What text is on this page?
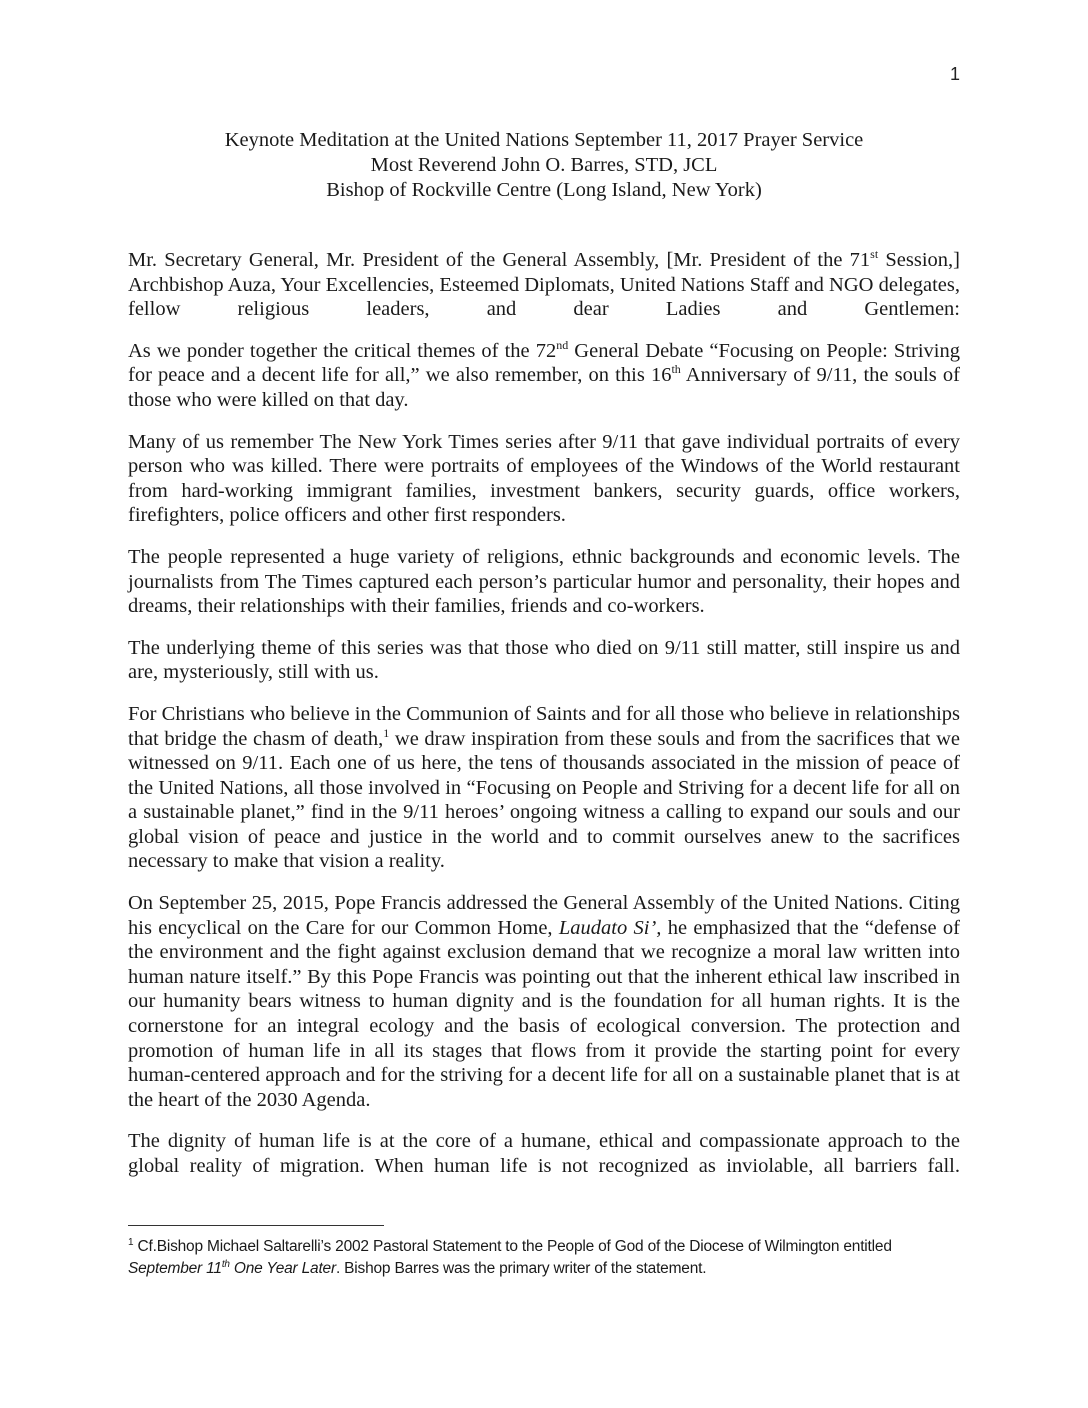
1
Keynote Meditation at the United Nations September 11, 2017 Prayer Service
Most Reverend John O. Barres, STD, JCL
Bishop of Rockville Centre (Long Island, New York)

Mr. Secretary General, Mr. President of the General Assembly, [Mr. President of the 71st Session,] Archbishop Auza, Your Excellencies, Esteemed Diplomats, United Nations Staff and NGO delegates, fellow religious leaders, and dear Ladies and Gentlemen:

As we ponder together the critical themes of the 72nd General Debate “Focusing on People: Striving for peace and a decent life for all,” we also remember, on this 16th Anniversary of 9/11, the souls of those who were killed on that day.

Many of us remember The New York Times series after 9/11 that gave individual portraits of every person who was killed. There were portraits of employees of the Windows of the World restaurant from hard-working immigrant families, investment bankers, security guards, office workers, firefighters, police officers and other first responders.

The people represented a huge variety of religions, ethnic backgrounds and economic levels. The journalists from The Times captured each person’s particular humor and personality, their hopes and dreams, their relationships with their families, friends and co-workers.

The underlying theme of this series was that those who died on 9/11 still matter, still inspire us and are, mysteriously, still with us.

For Christians who believe in the Communion of Saints and for all those who believe in relationships that bridge the chasm of death,$^1$ we draw inspiration from these souls and from the sacrifices that we witnessed on 9/11. Each one of us here, the tens of thousands associated in the mission of peace of the United Nations, all those involved in “Focusing on People and Striving for a decent life for all on a sustainable planet,” find in the 9/11 heroes’ ongoing witness a calling to expand our souls and our global vision of peace and justice in the world and to commit ourselves anew to the sacrifices necessary to make that vision a reality.

On September 25, 2015, Pope Francis addressed the General Assembly of the United Nations. Citing his encyclical on the Care for our Common Home, Laudato Si’, he emphasized that the “defense of the environment and the fight against exclusion demand that we recognize a moral law written into human nature itself.” By this Pope Francis was pointing out that the inherent ethical law inscribed in our humanity bears witness to human dignity and is the foundation for all human rights. It is the cornerstone for an integral ecology and the basis of ecological conversion. The protection and promotion of human life in all its stages that flows from it provide the starting point for every human-centered approach and for the striving for a decent life for all on a sustainable planet that is at the heart of the 2030 Agenda.

The dignity of human life is at the core of a humane, ethical and compassionate approach to the global reality of migration. When human life is not recognized as inviolable, all barriers fall.

$^1$ Cf.Bishop Michael Saltarelli’s 2002 Pastoral Statement to the People of God of the Diocese of Wilmington entitled September 11th One Year Later. Bishop Barres was the primary writer of the statement.
